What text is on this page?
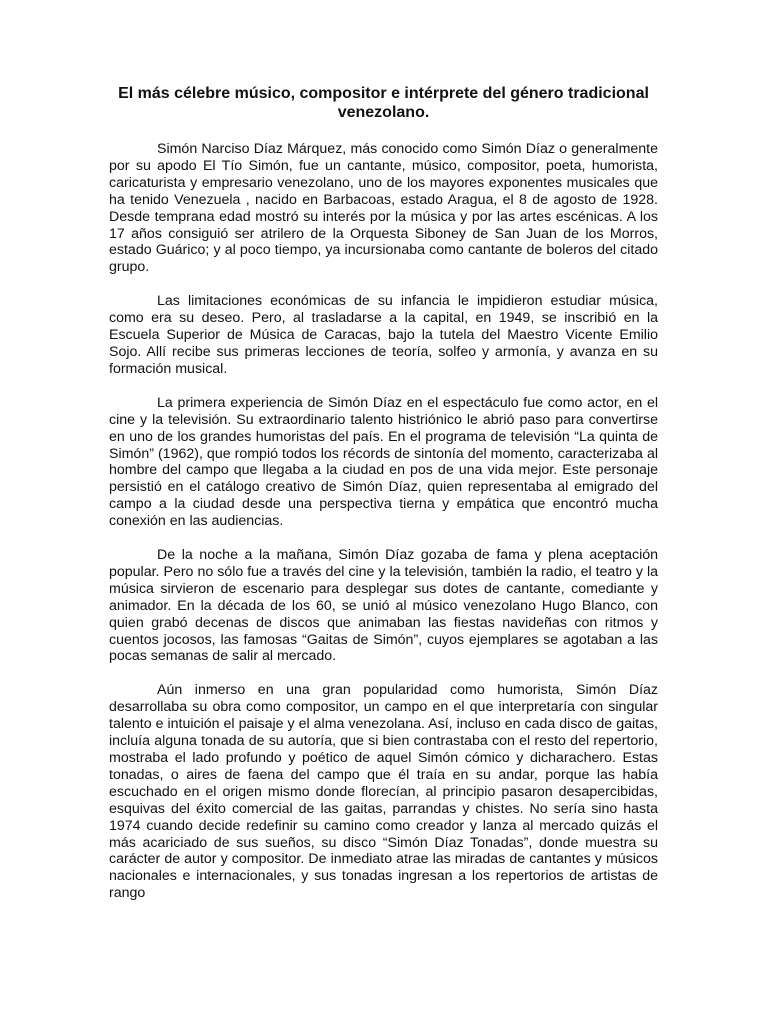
El más célebre músico, compositor e intérprete del género tradicional venezolano.

Simón Narciso Díaz Márquez, más conocido como Simón Díaz o generalmente por su apodo El Tío Simón, fue un cantante, músico, compositor, poeta, humorista, caricaturista y empresario venezolano, uno de los mayores exponentes musicales que ha tenido Venezuela , nacido en Barbacoas, estado Aragua, el 8 de agosto de 1928. Desde temprana edad mostró su interés por la música y por las artes escénicas. A los 17 años consiguió ser atrilero de la Orquesta Siboney de San Juan de los Morros, estado Guárico; y al poco tiempo, ya incursionaba como cantante de boleros del citado grupo.

Las limitaciones económicas de su infancia le impidieron estudiar música, como era su deseo. Pero, al trasladarse a la capital, en 1949, se inscribió en la Escuela Superior de Música de Caracas, bajo la tutela del Maestro Vicente Emilio Sojo. Allí recibe sus primeras lecciones de teoría, solfeo y armonía, y avanza en su formación musical.

La primera experiencia de Simón Díaz en el espectáculo fue como actor, en el cine y la televisión. Su extraordinario talento histriónico le abrió paso para convertirse en uno de los grandes humoristas del país. En el programa de televisión “La quinta de Simón” (1962), que rompió todos los récords de sintonía del momento, caracterizaba al hombre del campo que llegaba a la ciudad en pos de una vida mejor. Este personaje persistió en el catálogo creativo de Simón Díaz, quien representaba al emigrado del campo a la ciudad desde una perspectiva tierna y empática que encontró mucha conexión en las audiencias.

De la noche a la mañana, Simón Díaz gozaba de fama y plena aceptación popular. Pero no sólo fue a través del cine y la televisión, también la radio, el teatro y la música sirvieron de escenario para desplegar sus dotes de cantante, comediante y animador. En la década de los 60, se unió al músico venezolano Hugo Blanco, con quien grabó decenas de discos que animaban las fiestas navideñas con ritmos y cuentos jocosos, las famosas “Gaitas de Simón”, cuyos ejemplares se agotaban a las pocas semanas de salir al mercado.

Aún inmerso en una gran popularidad como humorista, Simón Díaz desarrollaba su obra como compositor, un campo en el que interpretaría con singular talento e intuición el paisaje y el alma venezolana. Así, incluso en cada disco de gaitas, incluía alguna tonada de su autoría, que si bien contrastaba con el resto del repertorio, mostraba el lado profundo y poético de aquel Simón cómico y dicharachero. Estas tonadas, o aires de faena del campo que él traía en su andar, porque las había escuchado en el origen mismo donde florecían, al principio pasaron desapercibidas, esquivas del éxito comercial de las gaitas, parrandas y chistes. No sería sino hasta 1974 cuando decide redefinir su camino como creador y lanza al mercado quizás el más acariciado de sus sueños, su disco “Simón Díaz Tonadas”, donde muestra su carácter de autor y compositor. De inmediato atrae las miradas de cantantes y músicos nacionales e internacionales, y sus tonadas ingresan a los repertorios de artistas de rango
